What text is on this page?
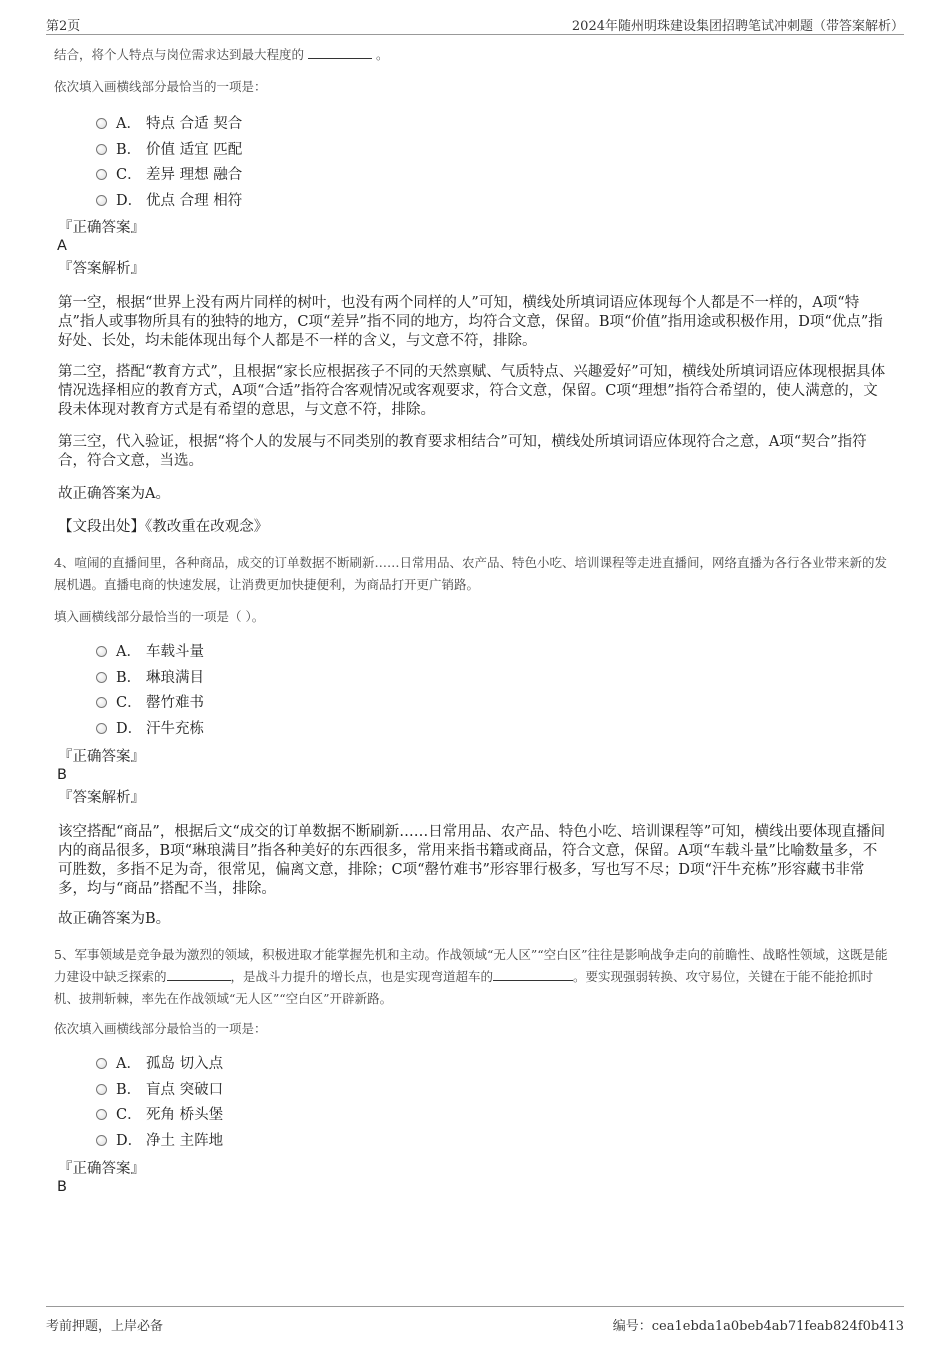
第2页	2024年随州明珠建设集团招聘笔试冲刺题（带答案解析）
结合，将个人特点与岗位需求达到最大程度的	。
依次填入画横线部分最恰当的一项是：
A． 特点 合适 契合
B． 价值 适宜 匹配
C． 差异 理想 融合
D． 优点 合理 相符
『正确答案』
A
『答案解析』
第一空，根据“世界上没有两片同样的树叶，也没有两个同样的人”可知，横线处所填词语应体现每个人都是不一样的，A项“特点”指人或事物所具有的独特的地方，C项“差异”指不同的地方，均符合文意，保留。B项“价值”指用途或积极作用，D项“优点”指好处、长处，均未能体现出每个人都是不一样的含义，与文意不符，排除。
第二空，搭配“教育方式”，且根据“家长应根据孩子不同的天然禀赋、气质特点、兴趣爱好”可知，横线处所填词语应体现根据具体情况选择相应的教育方式，A项“合适”指符合客观情况或客观要求，符合文意，保留。C项“理想”指符合希望的，使人满意的，文段未体现对教育方式是有希望的意思，与文意不符，排除。
第三空，代入验证，根据“将个人的发展与不同类别的教育要求相结合”可知，横线处所填词语应体现符合之意，A项“契合”指符合，符合文意，当选。
故正确答案为A。
【文段出处】《教改重在改观念》
4、喧闹的直播间里，各种商品，成交的订单数据不断刷新……日常用品、农产品、特色小吃、培训课程等走进直播间，网络直播为各行各业带来新的发展机遇。直播电商的快速发展，让消费更加快捷便利，为商品打开更广销路。
填入画横线部分最恰当的一项是（ ）。
A． 车载斗量
B． 琳琅满目
C． 罄竹难书
D． 汗牛充栋
『正确答案』
B
『答案解析』
该空搭配“商品”，根据后文“成交的订单数据不断刷新……日常用品、农产品、特色小吃、培训课程等”可知，横线出要体现直播间内的商品很多，B项“琳琅满目”指各种美好的东西很多，常用来指书籍或商品，符合文意，保留。A项“车载斗量”比喻数量多，不可胜数，多指不足为奇，很常见，偏离文意，排除；C项“罄竹难书”形容罪行极多，写也写不尽；D项“汗牛充栋”形容藏书非常多，均与“商品”搭配不当，排除。
故正确答案为B。
5、军事领域是竞争最为激烈的领域，积极进取才能掌握先机和主动。作战领域“无人区”“空白区”往往是影响战争走向的前瞻性、战略性领域，这既是能力建设中缺乏探索的	，是战斗力提升的增长点，也是实现弯道超车的	。要实现强弱转换、攻守易位，关键在于能不能抢抓时机、披荆斩棘，率先在作战领域“无人区”“空白区”开辟新路。
依次填入画横线部分最恰当的一项是：
A． 孤岛 切入点
B． 盲点 突破口
C． 死角 桥头堡
D． 净土 主阵地
『正确答案』
B
考前押题，上岸必备	编号：cea1ebda1a0beb4ab71feab824f0b413
